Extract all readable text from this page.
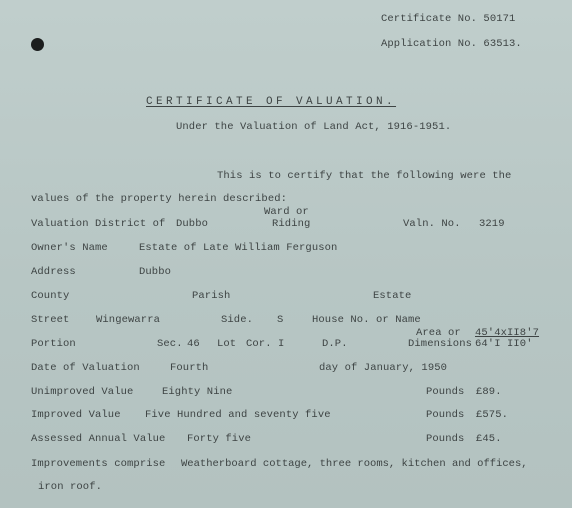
Certificate No. 50171
Application No. 63513.
CERTIFICATE OF VALUATION.
Under the Valuation of Land Act, 1916-1951.
This is to certify that the following were the
values of the property herein described:
Valuation District of Dubbo
Ward or
Riding	Valn. No. 3219
Owner's Name	Estate of Late William Ferguson
Address	Dubbo
County	Parish	Estate
Street	Wingewarra	Side. S	House No. or Name
Area or 45'4xII8'7
Portion	Sec. 46 Lot Cor. I	D.P.	Dimensions 64'I II0'
Date of Valuation	Fourth	day of January, 1950
Unimproved Value	Eighty Nine	Pounds £89.
Improved Value Five Hundred and seventy five	Pounds £575.
Assessed Annual Value Forty five	Pounds £45.
Improvements comprise Weatherboard cottage, three rooms, kitchen and offices,
iron roof.
